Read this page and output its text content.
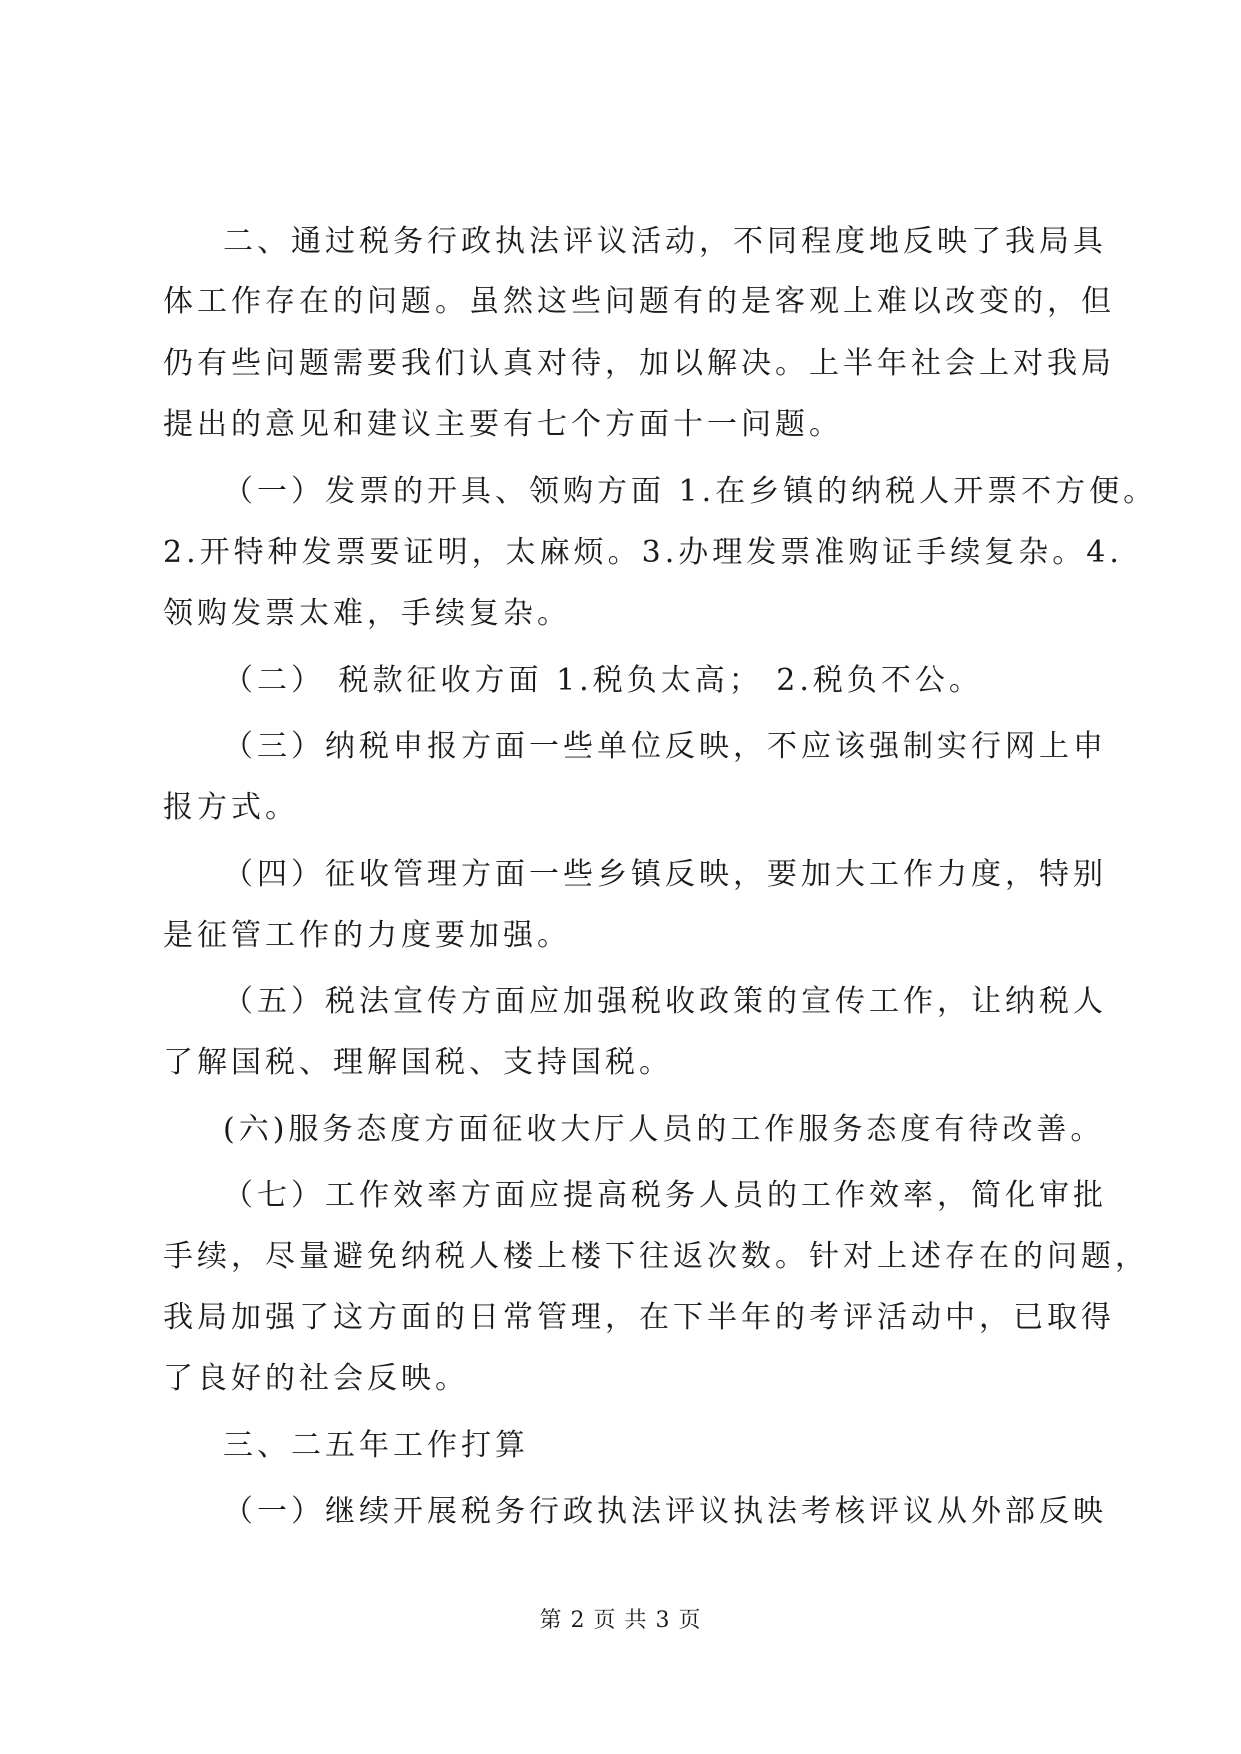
二、通过税务行政执法评议活动，不同程度地反映了我局具
体工作存在的问题。虽然这些问题有的是客观上难以改变的，但
仍有些问题需要我们认真对待，加以解决。上半年社会上对我局
提出的意见和建议主要有七个方面十一问题。
（一）发票的开具、领购方面 1.在乡镇的纳税人开票不方便。
2.开特种发票要证明，太麻烦。3.办理发票准购证手续复杂。4.
领购发票太难，手续复杂。
（二） 税款征收方面 1.税负太高； 2.税负不公。
（三）纳税申报方面一些单位反映，不应该强制实行网上申
报方式。
（四）征收管理方面一些乡镇反映，要加大工作力度，特别
是征管工作的力度要加强。
（五）税法宣传方面应加强税收政策的宣传工作，让纳税人
了解国税、理解国税、支持国税。
(六)服务态度方面征收大厅人员的工作服务态度有待改善。
（七）工作效率方面应提高税务人员的工作效率，简化审批
手续，尽量避免纳税人楼上楼下往返次数。针对上述存在的问题，
我局加强了这方面的日常管理，在下半年的考评活动中，已取得
了良好的社会反映。
三、二五年工作打算
（一）继续开展税务行政执法评议执法考核评议从外部反映
第 2 页 共 3 页
